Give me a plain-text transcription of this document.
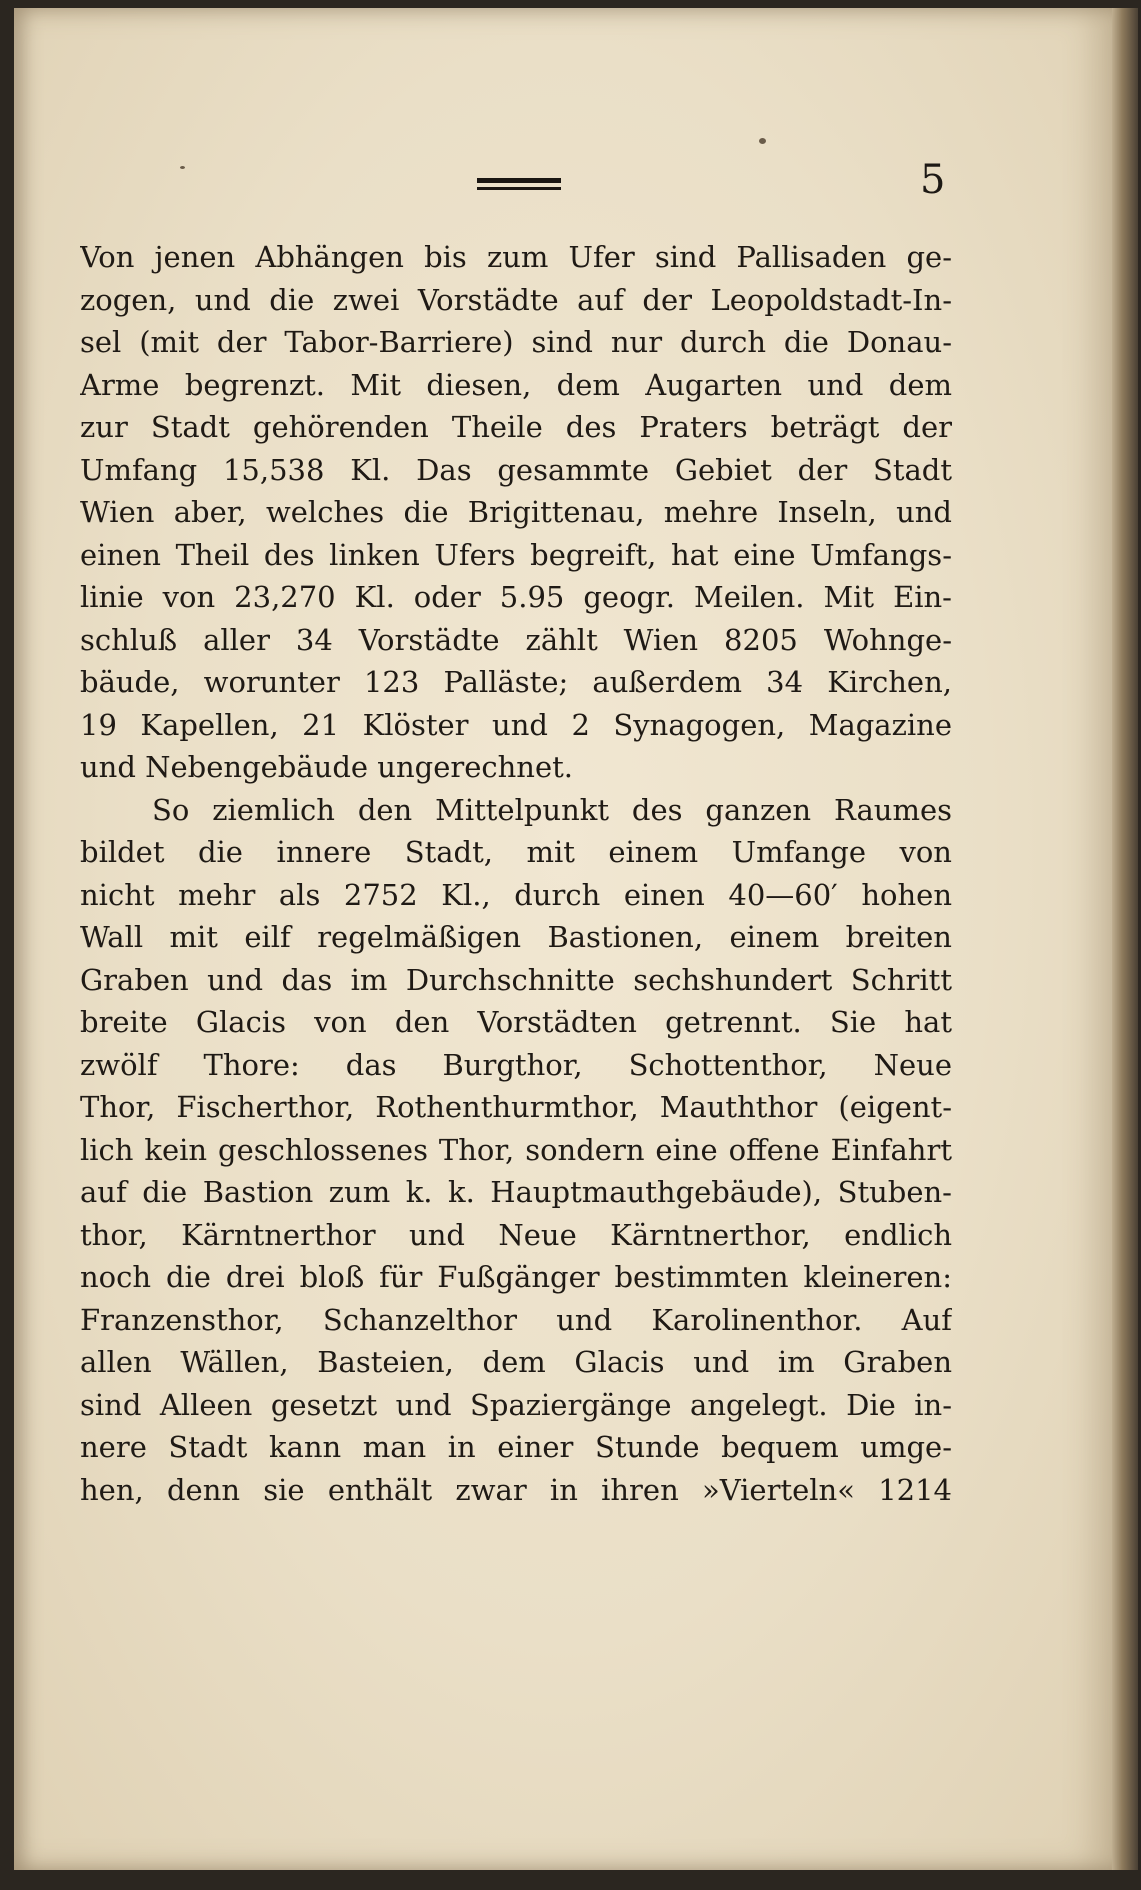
5
Von jenen Abhängen bis zum Ufer sind Pallisaden ge-
zogen, und die zwei Vorstädte auf der Leopoldstadt-In-
sel (mit der Tabor-Barriere) sind nur durch die Donau-
Arme begrenzt. Mit diesen, dem Augarten und dem
zur Stadt gehörenden Theile des Praters beträgt der
Umfang 15,538 Kl. Das gesammte Gebiet der Stadt
Wien aber, welches die Brigittenau, mehre Inseln, und
einen Theil des linken Ufers begreift, hat eine Umfangs-
linie von 23,270 Kl. oder 5.95 geogr. Meilen. Mit Ein-
schluß aller 34 Vorstädte zählt Wien 8205 Wohnge-
bäude, worunter 123 Palläste; außerdem 34 Kirchen,
19 Kapellen, 21 Klöster und 2 Synagogen, Magazine
und Nebengebäude ungerechnet.
So ziemlich den Mittelpunkt des ganzen Raumes
bildet die innere Stadt, mit einem Umfange von
nicht mehr als 2752 Kl., durch einen 40—60′ hohen
Wall mit eilf regelmäßigen Bastionen, einem breiten
Graben und das im Durchschnitte sechshundert Schritt
breite Glacis von den Vorstädten getrennt. Sie hat
zwölf Thore: das Burgthor, Schottenthor, Neue
Thor, Fischerthor, Rothenthurmthor, Mauththor (eigent-
lich kein geschlossenes Thor, sondern eine offene Einfahrt
auf die Bastion zum k. k. Hauptmauthgebäude), Stuben-
thor, Kärntnerthor und Neue Kärntnerthor, endlich
noch die drei bloß für Fußgänger bestimmten kleineren:
Franzensthor, Schanzelthor und Karolinenthor. Auf
allen Wällen, Basteien, dem Glacis und im Graben
sind Alleen gesetzt und Spaziergänge angelegt. Die in-
nere Stadt kann man in einer Stunde bequem umge-
hen, denn sie enthält zwar in ihren »Vierteln« 1214
